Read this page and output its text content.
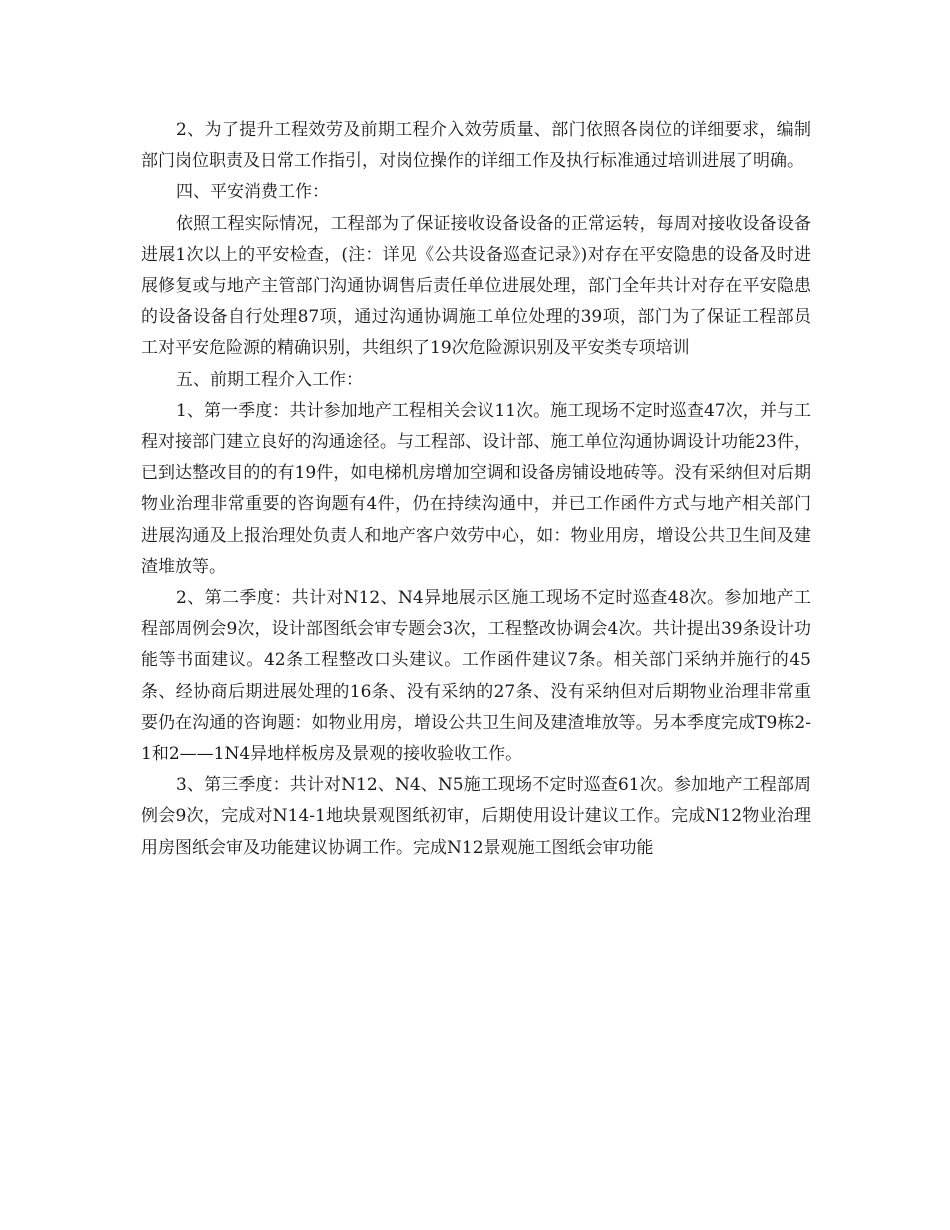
2、为了提升工程效劳及前期工程介入效劳质量、部门依照各岗位的详细要求，编制部门岗位职责及日常工作指引，对岗位操作的详细工作及执行标准通过培训进展了明确。

四、平安消费工作：

依照工程实际情况，工程部为了保证接收设备设备的正常运转，每周对接收设备设备进展1次以上的平安检查，(注：详见《公共设备巡查记录》)对存在平安隐患的设备及时进展修复或与地产主管部门沟通协调售后责任单位进展处理，部门全年共计对存在平安隐患的设备设备自行处理87项，通过沟通协调施工单位处理的39项，部门为了保证工程部员工对平安危险源的精确识别，共组织了19次危险源识别及平安类专项培训

五、前期工程介入工作：

1、第一季度：共计参加地产工程相关会议11次。施工现场不定时巡查47次，并与工程对接部门建立良好的沟通途径。与工程部、设计部、施工单位沟通协调设计功能23件，已到达整改目的的有19件，如电梯机房增加空调和设备房铺设地砖等。没有采纳但对后期物业治理非常重要的咨询题有4件，仍在持续沟通中，并已工作函件方式与地产相关部门进展沟通及上报治理处负责人和地产客户效劳中心，如：物业用房，增设公共卫生间及建渣堆放等。

2、第二季度：共计对N12、N4异地展示区施工现场不定时巡查48次。参加地产工程部周例会9次，设计部图纸会审专题会3次，工程整改协调会4次。共计提出39条设计功能等书面建议。42条工程整改口头建议。工作函件建议7条。相关部门采纳并施行的45条、经协商后期进展处理的16条、没有采纳的27条、没有采纳但对后期物业治理非常重要仍在沟通的咨询题：如物业用房，增设公共卫生间及建渣堆放等。另本季度完成T9栋2-1和2——1N4异地样板房及景观的接收验收工作。

3、第三季度：共计对N12、N4、N5施工现场不定时巡查61次。参加地产工程部周例会9次，完成对N14-1地块景观图纸初审，后期使用设计建议工作。完成N12物业治理用房图纸会审及功能建议协调工作。完成N12景观施工图纸会审功能
